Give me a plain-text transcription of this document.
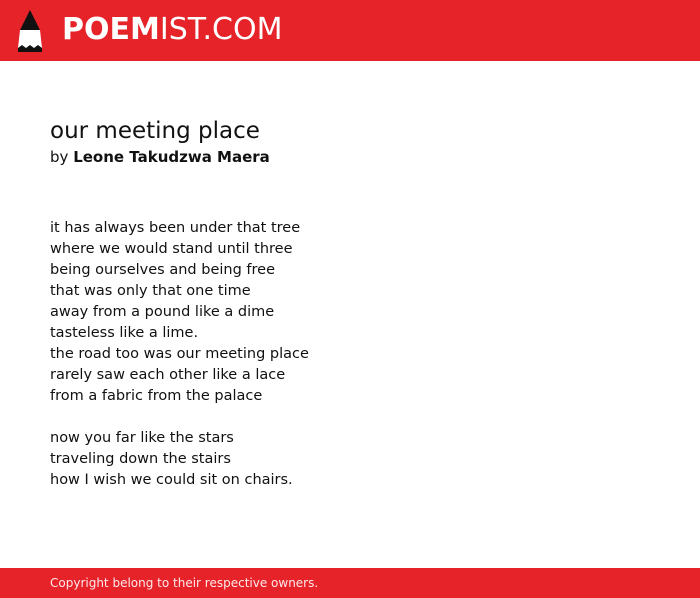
POEMIST.COM
our meeting place

by Leone Takudzwa Maera

it has always been under that tree
where we would stand until three
being ourselves and being free
that was only that one time
away from a pound like a dime
tasteless like a lime.
the road too was our meeting place
rarely saw each other like a lace
from a fabric from the palace
now you far like the stars
traveling down the stairs
how I wish we could sit on chairs.
Copyright belong to their respective owners.
